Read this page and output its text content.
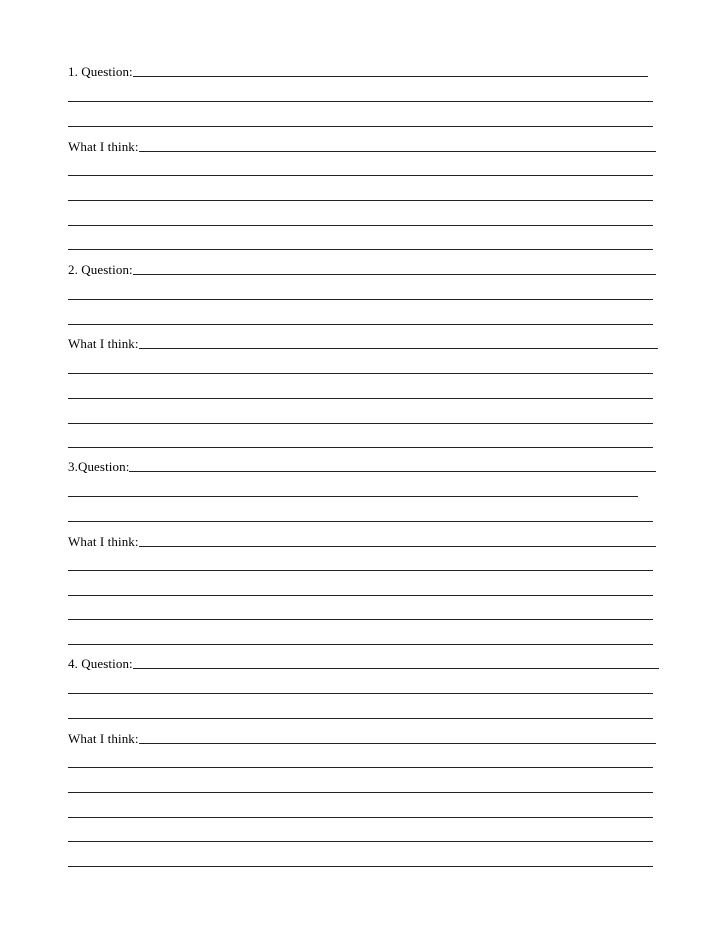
1. Question:
What I think:
2. Question:
What I think:
3.Question:
What I think:
4. Question:
What I think:
